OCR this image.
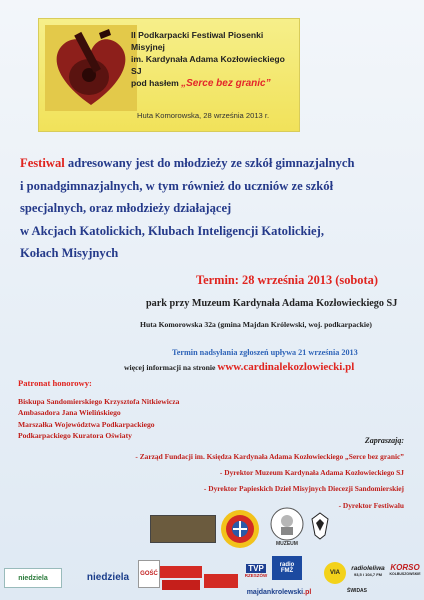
II Podkarpacki Festiwal Piosenki Misyjnej
im. Kardynała Adama Kozłowieckiego SJ
pod hasłem „Serce bez granic”
Huta Komorowska, 28 września 2013 r.
Festiwal adresowany jest do młodzieży ze szkół gimnazjalnych
i ponadgimnazjalnych, w tym również do uczniów ze szkół
specjalnych, oraz młodzieży działającej
w Akcjach Katolickich, Klubach Inteligencji Katolickiej,
Kołach Misyjnych
Termin: 28 września 2013 (sobota)
park przy Muzeum Kardynała Adama Kozłowieckiego SJ
Huta Komorowska 32a (gmina Majdan Królewski, woj. podkarpackie)
Termin nadsyłania zgłoszeń upływa 21 września 2013
więcej informacji na stronie www.cardinalekozlowiecki.pl
Patronat honorowy:
Biskupa Sandomierskiego Krzysztofa Nitkiewicza
Ambasadora Jana Wielińskiego
Marszałka Województwa Podkarpackiego
Podkarpackiego Kuratora Oświaty
Zapraszają:
- Zarząd Fundacji im. Księdza Kardynała Adama Kozłowieckiego „Serce bez granic”
- Dyrektor Muzeum Kardynała Adama Kozłowieckiego SJ
- Dyrektor Papieskich Dzieł Misyjnych Diecezji Sandomierskiej
- Dyrektor Festiwalu
MUZEUM
niedziela	niedziela GOŚĆ
TVP
RZESZÓW
radio
FMŻ
majdankrolewski .pl
VIA
radioleliwa
93,5 i 104,7 FM
ŚWIDAS
KORSO
KOLBUSZOWSKIE
